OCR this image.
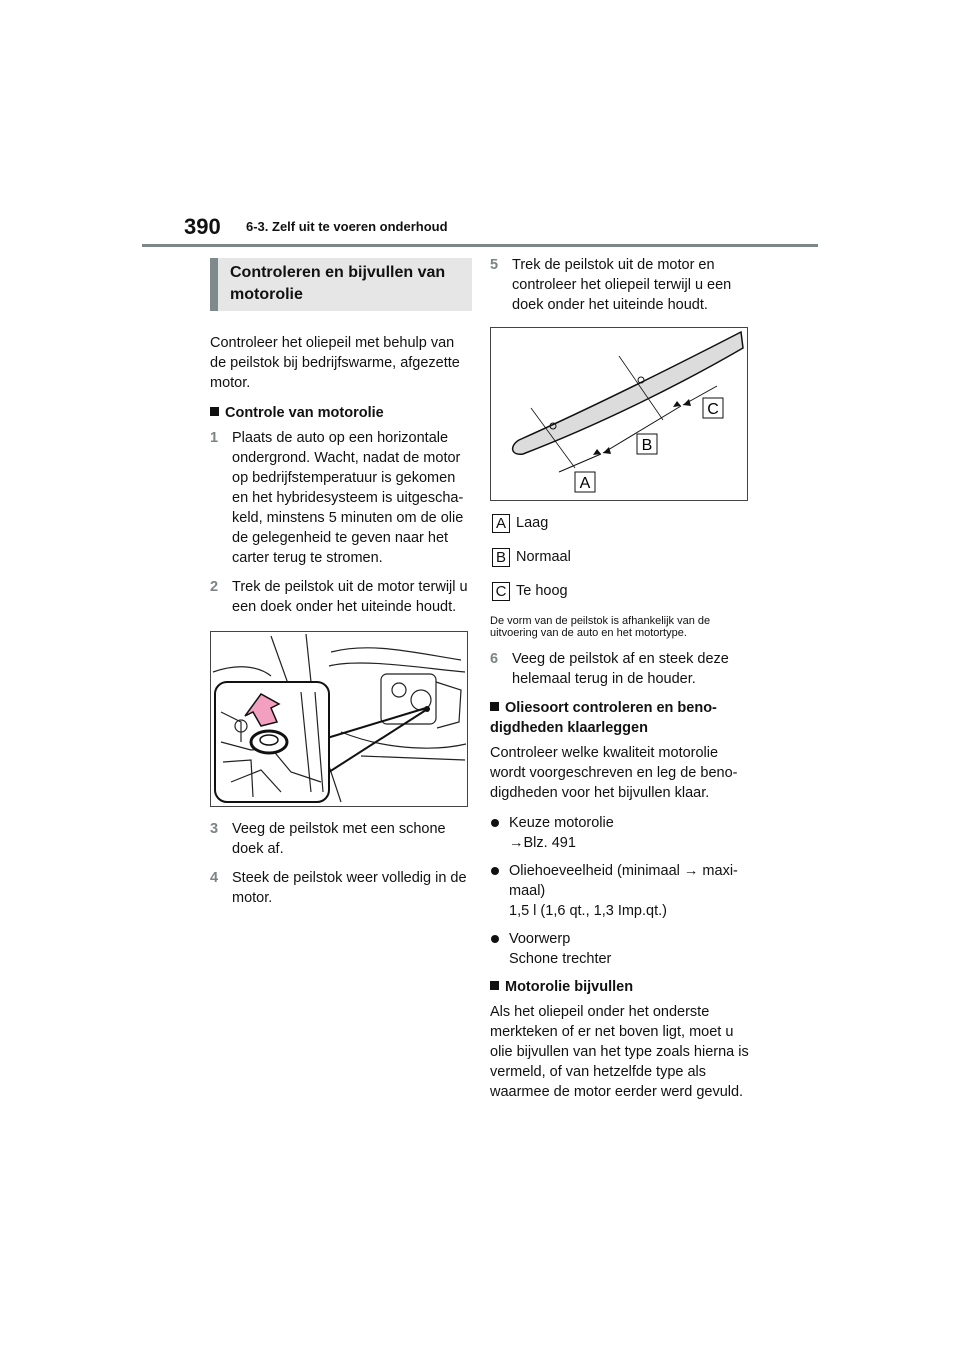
390 6-3. Zelf uit te voeren onderhoud
Controleren en bijvullen van motorolie

Controleer het oliepeil met behulp van de peilstok bij bedrijfswarme, afgezette motor.

Controle van motorolie
1 Plaats de auto op een horizontale ondergrond. Wacht, nadat de motor op bedrijfstemperatuur is gekomen en het hybridesysteem is uitgescha-keld, minstens 5 minuten om de olie de gelegenheid te geven naar het carter terug te stromen.
2 Trek de peilstok uit de motor terwijl u een doek onder het uiteinde houdt.
3 Veeg de peilstok met een schone doek af.
4 Steek de peilstok weer volledig in de motor.
5 Trek de peilstok uit de motor en controleer het oliepeil terwijl u een doek onder het uiteinde houdt.
C
B
A
A Laag
B Normaal
C Te hoog
De vorm van de peilstok is afhankelijk van de uitvoering van de auto en het motortype.
6 Veeg de peilstok af en steek deze helemaal terug in de houder.
Oliesoort controleren en beno-digdheden klaarleggen

Controleer welke kwaliteit motorolie wordt voorgeschreven en leg de beno-digdheden voor het bijvullen klaar.

Keuze motorolie
→Blz. 491
Oliehoeveelheid (minimaal → maxi-maal)
1,5 l (1,6 qt., 1,3 Imp.qt.)
Voorwerp
Schone trechter
Motorolie bijvullen

Als het oliepeil onder het onderste merkteken of er net boven ligt, moet u olie bijvullen van het type zoals hierna is vermeld, of van hetzelfde type als waarmee de motor eerder werd gevuld.
